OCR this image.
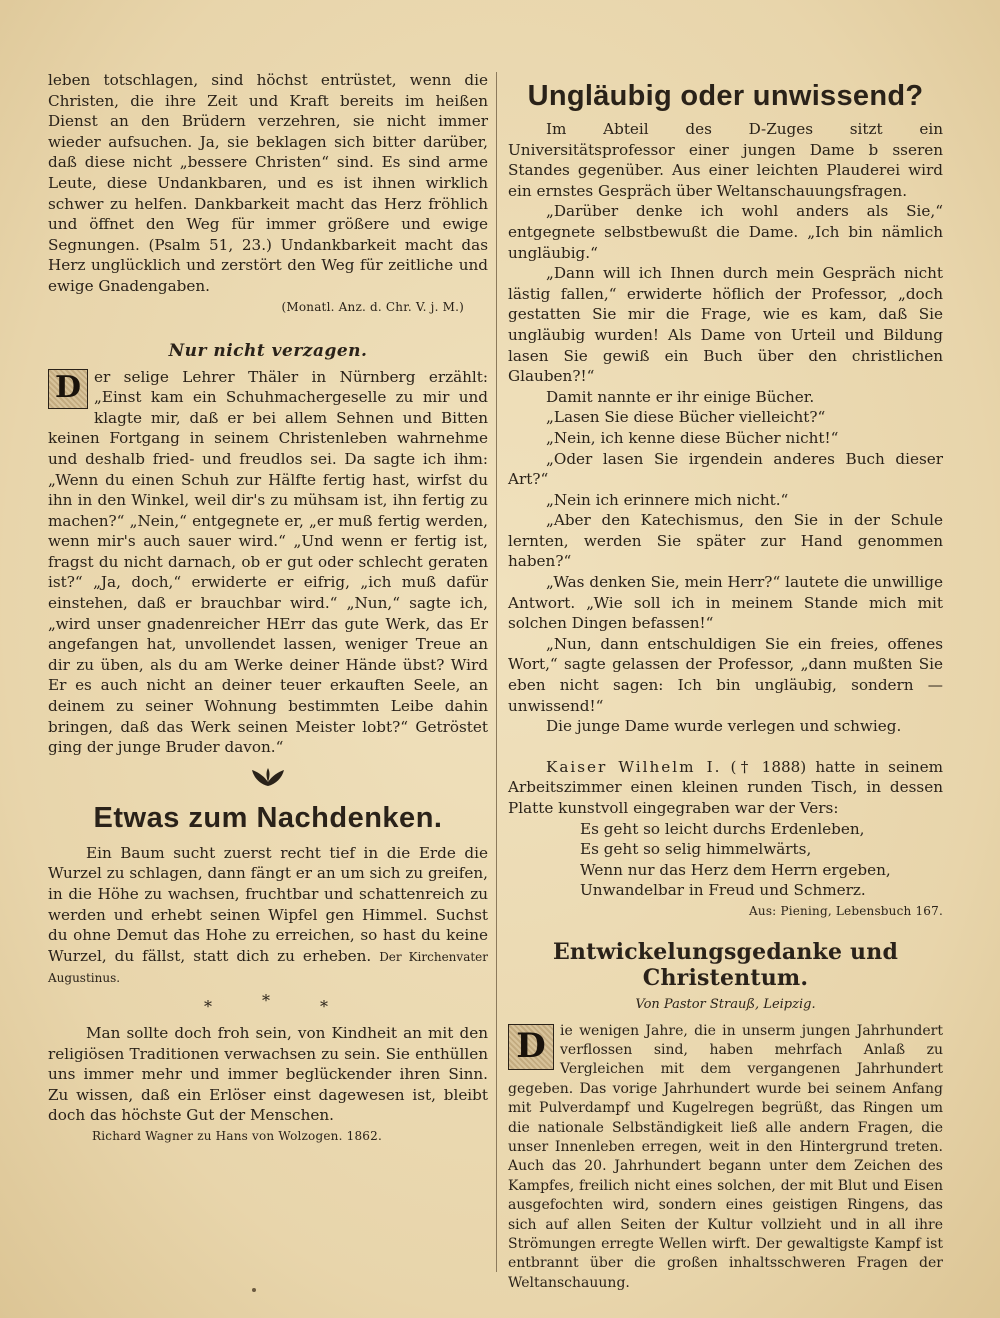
leben totschlagen, sind höchst entrüstet, wenn die Christen, die ihre Zeit und Kraft bereits im heißen Dienst an den Brüdern verzehren, sie nicht immer wieder aufsuchen. Ja, sie beklagen sich bitter darüber, daß diese nicht „bessere Christen“ sind. Es sind arme Leute, diese Undankbaren, und es ist ihnen wirklich schwer zu helfen. Dankbarkeit macht das Herz fröhlich und öffnet den Weg für immer größere und ewige Segnungen. (Psalm 51, 23.) Undankbarkeit macht das Herz unglücklich und zerstört den Weg für zeitliche und ewige Gnadengaben.

(Monatl. Anz. d. Chr. V. j. M.)

Nur nicht verzagen.

D er selige Lehrer Thäler in Nürnberg erzählt: „Einst kam ein Schuhmachergeselle zu mir und klagte mir, daß er bei allem Sehnen und Bitten keinen Fortgang in seinem Christenleben wahrnehme und deshalb fried- und freudlos sei. Da sagte ich ihm: „Wenn du einen Schuh zur Hälfte fertig hast, wirfst du ihn in den Winkel, weil dir's zu mühsam ist, ihn fertig zu machen?“ „Nein,“ entgegnete er, „er muß fertig werden, wenn mir's auch sauer wird.“ „Und wenn er fertig ist, fragst du nicht darnach, ob er gut oder schlecht geraten ist?“ „Ja, doch,“ erwiderte er eifrig, „ich muß dafür einstehen, daß er brauchbar wird.“ „Nun,“ sagte ich, „wird unser gnadenreicher HErr das gute Werk, das Er angefangen hat, unvollendet lassen, weniger Treue an dir zu üben, als du am Werke deiner Hände übst? Wird Er es auch nicht an deiner teuer erkauften Seele, an deinem zu seiner Wohnung bestimmten Leibe dahin bringen, daß das Werk seinen Meister lobt?“ Getröstet ging der junge Bruder davon.“

Etwas zum Nachdenken.

Ein Baum sucht zuerst recht tief in die Erde die Wurzel zu schlagen, dann fängt er an um sich zu greifen, in die Höhe zu wachsen, fruchtbar und schattenreich zu werden und erhebt seinen Wipfel gen Himmel. Suchst du ohne Demut das Hohe zu erreichen, so hast du keine Wurzel, du fällst, statt dich zu erheben. Der Kirchenvater Augustinus.

*	*	*

Man sollte doch froh sein, von Kindheit an mit den religiösen Traditionen verwachsen zu sein. Sie enthüllen uns immer mehr und immer beglückender ihren Sinn. Zu wissen, daß ein Erlöser einst dagewesen ist, bleibt doch das höchste Gut der Menschen.

Richard Wagner zu Hans von Wolzogen. 1862.

Ungläubig oder unwissend?

Im Abteil des D-Zuges sitzt ein Universitätsprofessor einer jungen Dame b sseren Standes gegenüber. Aus einer leichten Plauderei wird ein ernstes Gespräch über Weltanschauungsfragen.

„Darüber denke ich wohl anders als Sie,“ entgegnete selbstbewußt die Dame. „Ich bin nämlich ungläubig.“

„Dann will ich Ihnen durch mein Gespräch nicht lästig fallen,“ erwiderte höflich der Professor, „doch gestatten Sie mir die Frage, wie es kam, daß Sie ungläubig wurden! Als Dame von Urteil und Bildung lasen Sie gewiß ein Buch über den christlichen Glauben?!“

Damit nannte er ihr einige Bücher.

„Lasen Sie diese Bücher vielleicht?“

„Nein, ich kenne diese Bücher nicht!“

„Oder lasen Sie irgendein anderes Buch dieser Art?“

„Nein ich erinnere mich nicht.“

„Aber den Katechismus, den Sie in der Schule lernten, werden Sie später zur Hand genommen haben?“

„Was denken Sie, mein Herr?“ lautete die unwillige Antwort. „Wie soll ich in meinem Stande mich mit solchen Dingen befassen!“

„Nun, dann entschuldigen Sie ein freies, offenes Wort,“ sagte gelassen der Professor, „dann mußten Sie eben nicht sagen: Ich bin ungläubig, sondern — unwissend!“

Die junge Dame wurde verlegen und schwieg.

Kaiser Wilhelm I. († 1888) hatte in seinem Arbeitszimmer einen kleinen runden Tisch, in dessen Platte kunstvoll eingegraben war der Vers:

Es geht so leicht durchs Erdenleben,

Es geht so selig himmelwärts,

Wenn nur das Herz dem Herrn ergeben,

Unwandelbar in Freud und Schmerz.

Aus: Piening, Lebensbuch 167.

Entwickelungsgedanke und Christentum.

Von Pastor Strauß, Leipzig.

D	ie wenigen Jahre, die in unserm jungen Jahrhundert verflossen sind, haben mehrfach Anlaß zu Vergleichen mit dem vergangenen Jahrhundert gegeben. Das vorige Jahrhundert wurde bei seinem Anfang mit Pulverdampf und Kugelregen begrüßt, das Ringen um die nationale Selbständigkeit ließ alle andern Fragen, die unser Innenleben erregen, weit in den Hintergrund treten. Auch das 20. Jahrhundert begann unter dem Zeichen des Kampfes, freilich nicht eines solchen, der mit Blut und Eisen ausgefochten wird, sondern eines geistigen Ringens, das sich auf allen Seiten der Kultur vollzieht und in all ihre Strömungen erregte Wellen wirft. Der gewaltigste Kampf ist entbrannt über die großen inhaltsschweren Fragen der Weltanschauung.
